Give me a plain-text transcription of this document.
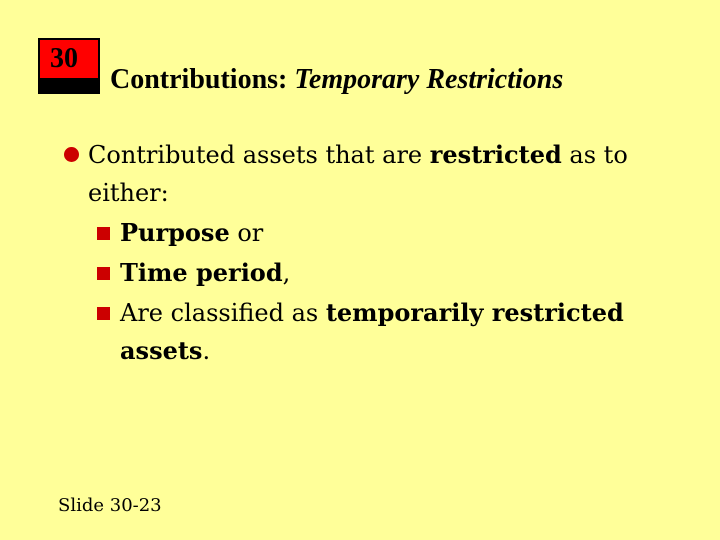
30
Contributions: Temporary Restrictions
Contributed assets that are restricted as to either:
Purpose or
Time period,
Are classified as temporarily restricted assets.
Slide 30-23
